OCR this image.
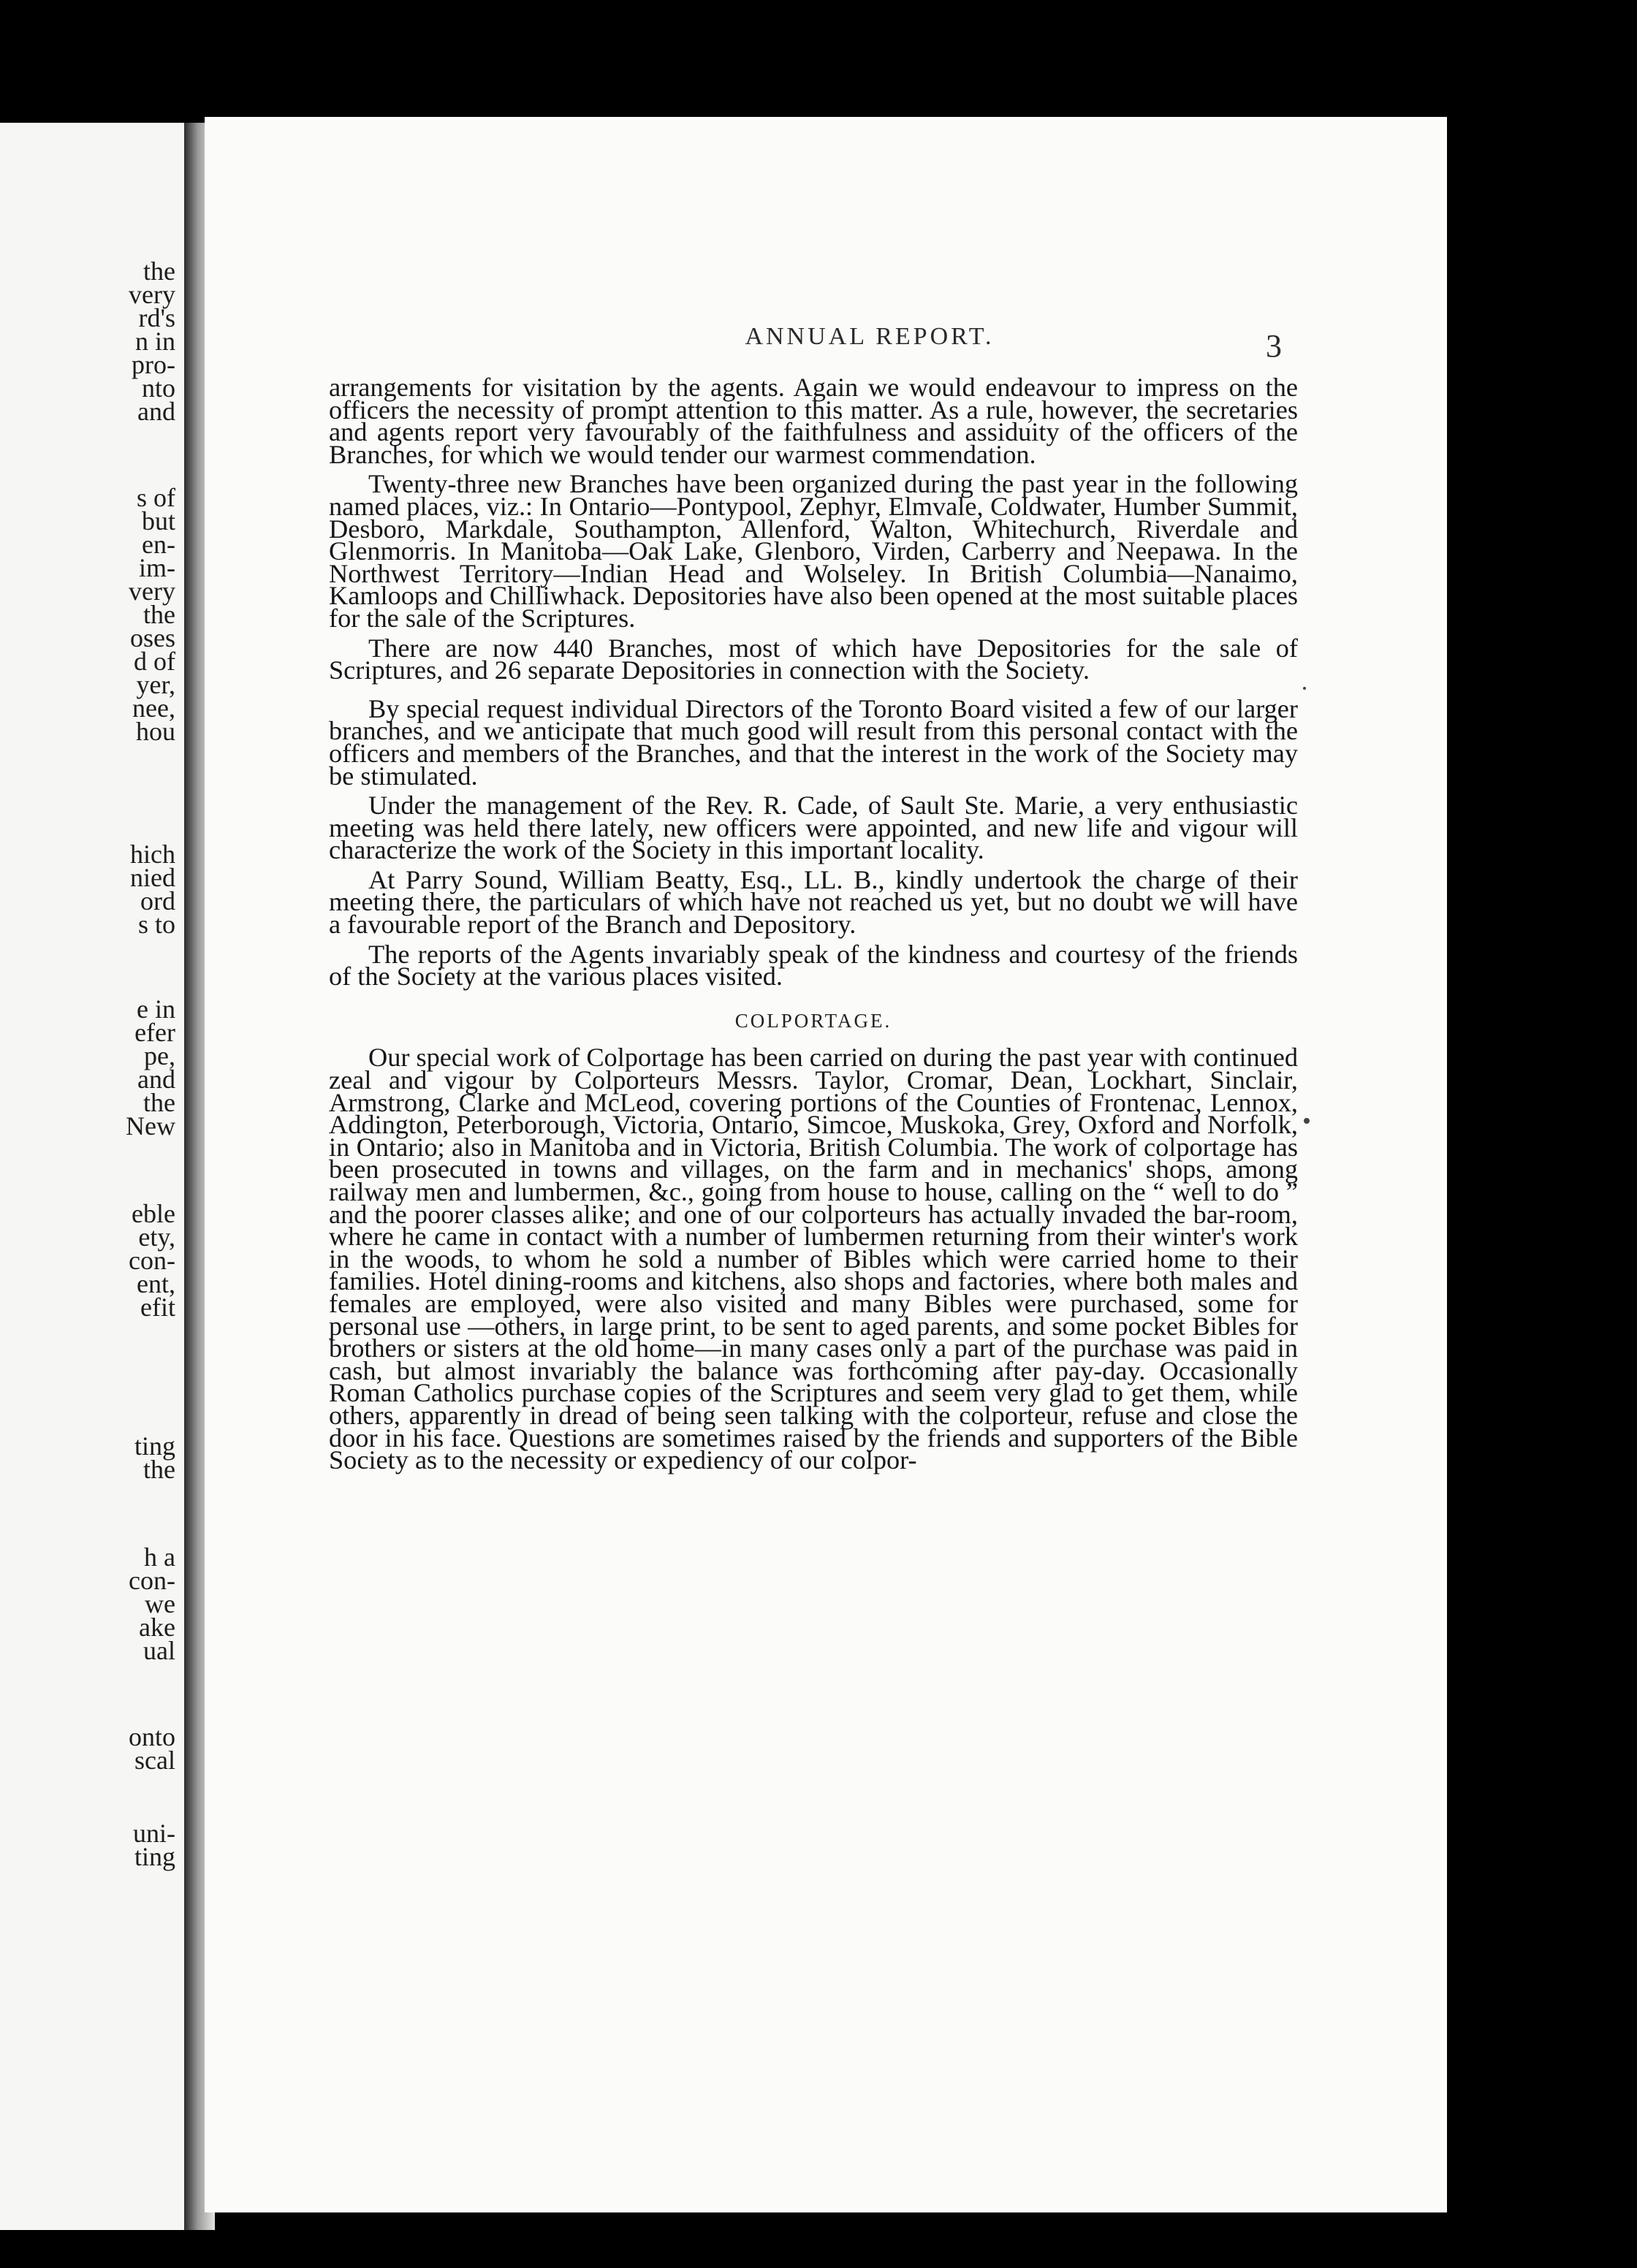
the
very
rd's
n in
pro-
nto
and
s of
but
en-
im-
very
the
oses
d of
yer,
nee,
hou
hich
nied
ord
s to
e in
efer
pe,
and
the
New
eble
ety,
con-
ent,
efit
ting
the
h a
con-
we
ake
ual
onto
scal
uni-
ting
ANNUAL REPORT.	3

arrangements for visitation by the agents. Again we would endeavour to impress on the officers the necessity of prompt attention to this matter. As a rule, however, the secretaries and agents report very favourably of the faithfulness and assiduity of the officers of the Branches, for which we would tender our warmest commendation.

Twenty-three new Branches have been organized during the past year in the following named places, viz.: In Ontario—Pontypool, Zephyr, Elmvale, Coldwater, Humber Summit, Desboro, Markdale, Southampton, Allenford, Walton, Whitechurch, Riverdale and Glenmorris. In Manitoba—Oak Lake, Glenboro, Virden, Carberry and Neepawa. In the Northwest Territory—Indian Head and Wolseley. In British Columbia—Nanaimo, Kamloops and Chilliwhack. Depositories have also been opened at the most suitable places for the sale of the Scriptures.

There are now 440 Branches, most of which have Depositories for the sale of Scriptures, and 26 separate Depositories in connection with the Society.

By special request individual Directors of the Toronto Board visited a few of our larger branches, and we anticipate that much good will result from this personal contact with the officers and members of the Branches, and that the interest in the work of the Society may be stimulated.

Under the management of the Rev. R. Cade, of Sault Ste. Marie, a very enthusiastic meeting was held there lately, new officers were appointed, and new life and vigour will characterize the work of the Society in this important locality.

At Parry Sound, William Beatty, Esq., LL. B., kindly undertook the charge of their meeting there, the particulars of which have not reached us yet, but no doubt we will have a favourable report of the Branch and Depository.

The reports of the Agents invariably speak of the kindness and courtesy of the friends of the Society at the various places visited.

COLPORTAGE.

Our special work of Colportage has been carried on during the past year with continued zeal and vigour by Colporteurs Messrs. Taylor, Cromar, Dean, Lockhart, Sinclair, Armstrong, Clarke and McLeod, covering portions of the Counties of Frontenac, Lennox, Addington, Peterborough, Victoria, Ontario, Simcoe, Muskoka, Grey, Oxford and Norfolk, in Ontario; also in Manitoba and in Victoria, British Columbia. The work of colportage has been prosecuted in towns and villages, on the farm and in mechanics' shops, among railway men and lumbermen, &c., going from house to house, calling on the “ well to do ” and the poorer classes alike; and one of our colporteurs has actually invaded the bar-room, where he came in contact with a number of lumbermen returning from their winter's work in the woods, to whom he sold a number of Bibles which were carried home to their families. Hotel dining-rooms and kitchens, also shops and factories, where both males and females are employed, were also visited and many Bibles were purchased, some for personal use —others, in large print, to be sent to aged parents, and some pocket Bibles for brothers or sisters at the old home—in many cases only a part of the purchase was paid in cash, but almost invariably the balance was forthcoming after pay-day. Occasionally Roman Catholics purchase copies of the Scriptures and seem very glad to get them, while others, apparently in dread of being seen talking with the colporteur, refuse and close the door in his face. Questions are sometimes raised by the friends and supporters of the Bible Society as to the necessity or expediency of our colpor-
